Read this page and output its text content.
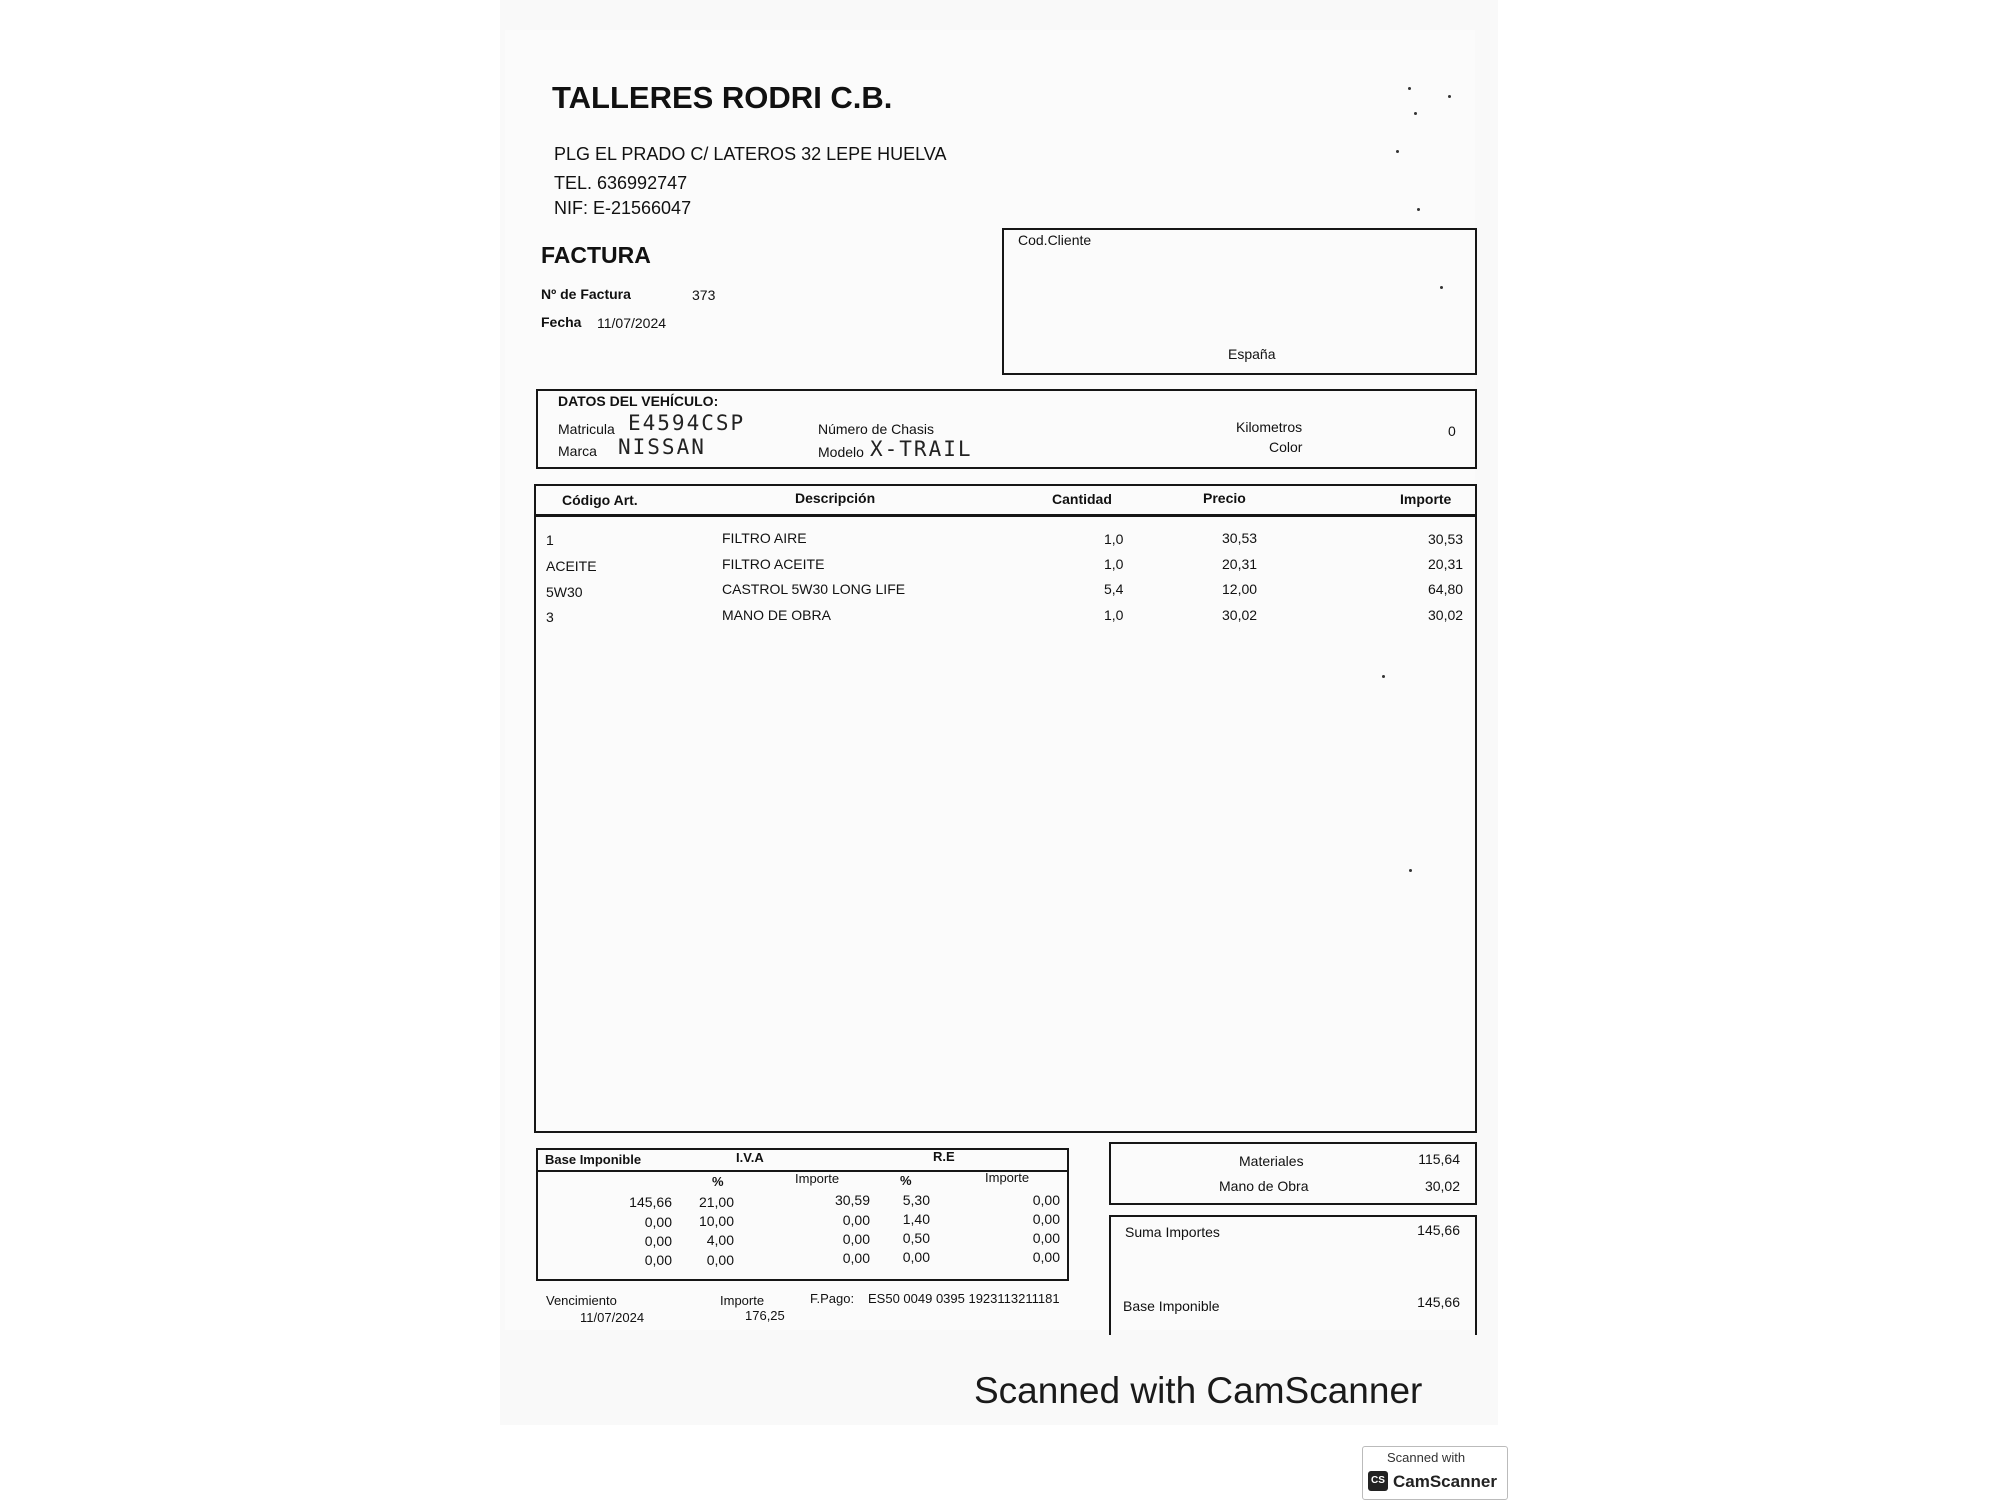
TALLERES RODRI C.B.
PLG EL PRADO C/ LATEROS 32 LEPE HUELVA
TEL. 636992747
NIF: E-21566047
FACTURA
Nº de Factura	373
Fecha 11/07/2024
Cod.Cliente
España
DATOS DEL VEHÍCULO:
Matricula E4594CSP	Número de Chasis	Kilometros	0
Marca NISSAN	Modelo X-TRAIL	Color
Código Art.	Descripción	Cantidad	Precio	Importe
1	FILTRO AIRE	1,0	30,53	30,53
ACEITE	FILTRO ACEITE	1,0	20,31	20,31
5W30	CASTROL 5W30 LONG LIFE	5,4	12,00	64,80
3	MANO DE OBRA	1,0	30,02	30,02
Base Imponible	I.V.A	R.E
%	Importe	%	Importe
145,66	21,00	30,59	5,30	0,00
0,00	10,00	0,00	1,40	0,00
0,00	4,00	0,00	0,50	0,00
0,00	0,00	0,00	0,00	0,00
Materiales	115,64
Mano de Obra	30,02
Suma Importes	145,66
Base Imponible	145,66
Vencimiento
11/07/2024
Importe
176,25
F.Pago: ES50 0049 0395 1923113211181
Scanned with CamScanner
Scanned with
CS CamScanner
